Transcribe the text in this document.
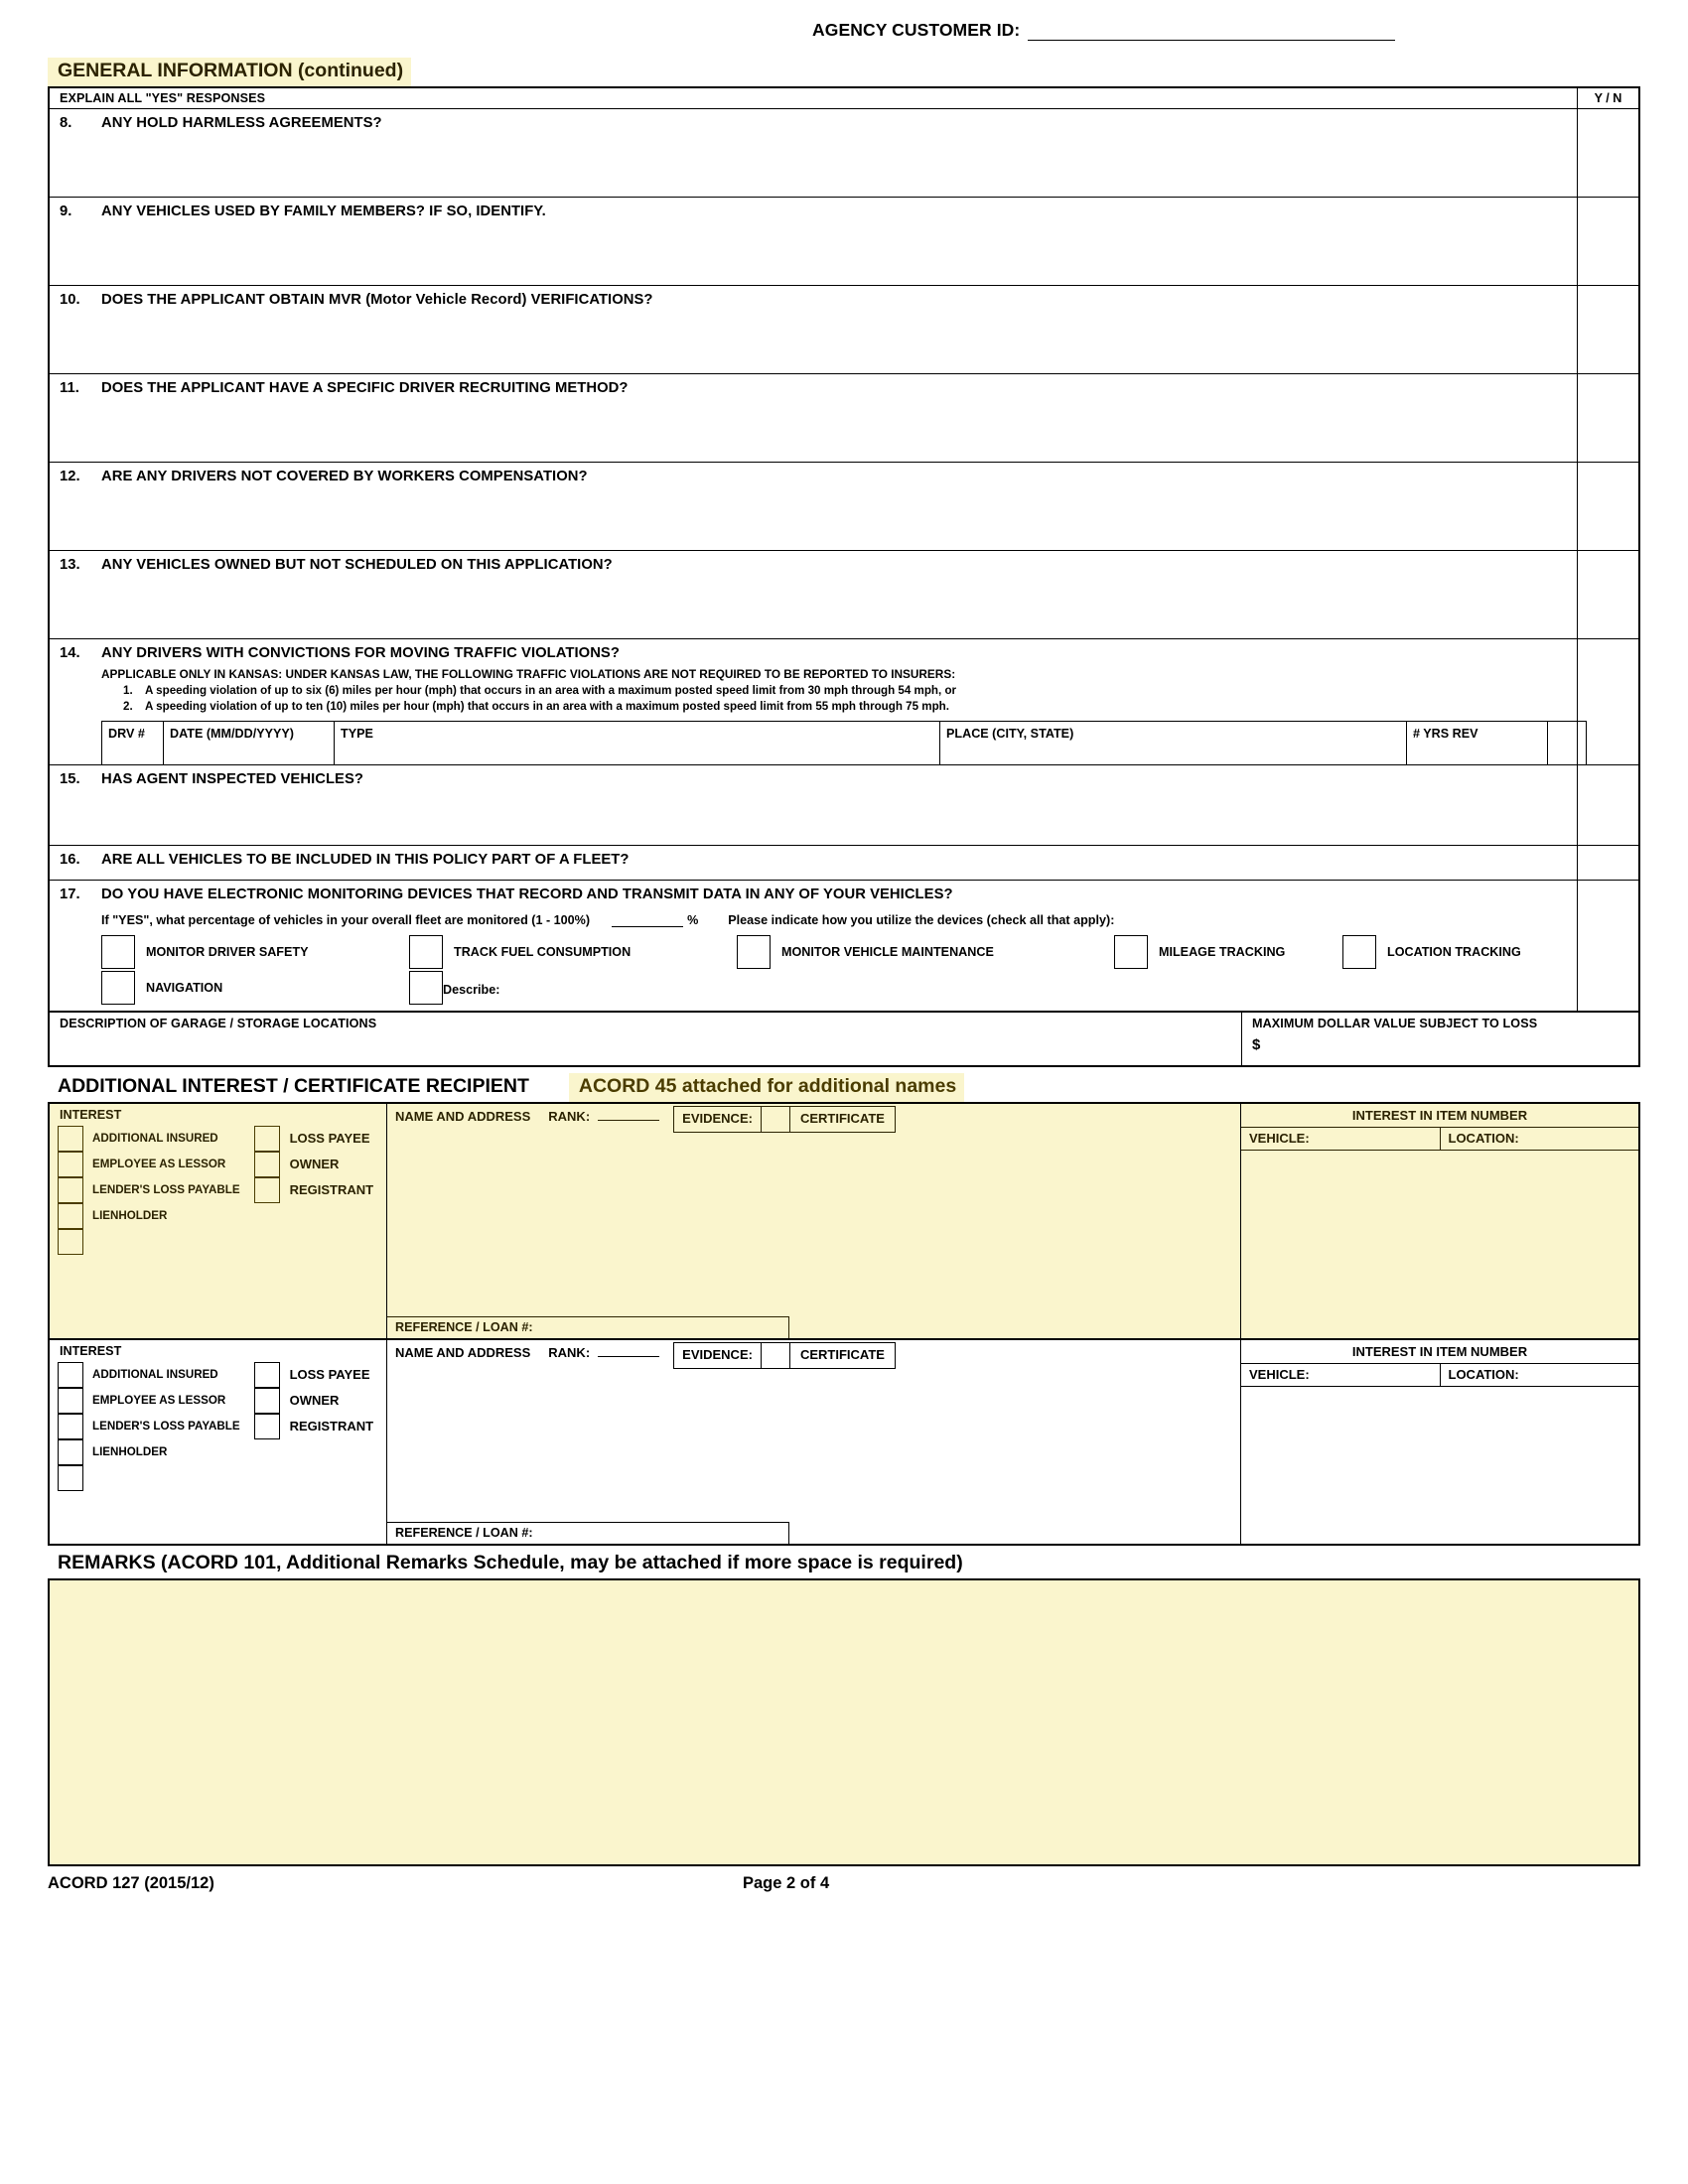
AGENCY CUSTOMER ID:
GENERAL INFORMATION (continued)
EXPLAIN ALL "YES" RESPONSES	Y / N
8.	ANY HOLD HARMLESS AGREEMENTS?
9.	ANY VEHICLES USED BY FAMILY MEMBERS? IF SO, IDENTIFY.
10.	DOES THE APPLICANT OBTAIN MVR (Motor Vehicle Record) VERIFICATIONS?
11.	DOES THE APPLICANT HAVE A SPECIFIC DRIVER RECRUITING METHOD?
12.	ARE ANY DRIVERS NOT COVERED BY WORKERS COMPENSATION?
13.	ANY VEHICLES OWNED BUT NOT SCHEDULED ON THIS APPLICATION?
14.	ANY DRIVERS WITH CONVICTIONS FOR MOVING TRAFFIC VIOLATIONS?
APPLICABLE ONLY IN KANSAS: UNDER KANSAS LAW, THE FOLLOWING TRAFFIC VIOLATIONS ARE NOT REQUIRED TO BE REPORTED TO INSURERS:
1.	A speeding violation of up to six (6) miles per hour (mph) that occurs in an area with a maximum posted speed limit from 30 mph through 54 mph, or
2.	A speeding violation of up to ten (10) miles per hour (mph) that occurs in an area with a maximum posted speed limit from 55 mph through 75 mph.
DRV #	DATE (MM/DD/YYYY)	TYPE	PLACE (CITY, STATE)	# YRS REV
15.	HAS AGENT INSPECTED VEHICLES?
16.	ARE ALL VEHICLES TO BE INCLUDED IN THIS POLICY PART OF A FLEET?
17.	DO YOU HAVE ELECTRONIC MONITORING DEVICES THAT RECORD AND TRANSMIT DATA IN ANY OF YOUR VEHICLES?
If "YES", what percentage of vehicles in your overall fleet are monitored (1 - 100%)	% Please indicate how you utilize the devices (check all that apply):
MONITOR DRIVER SAFETY	TRACK FUEL CONSUMPTION	MONITOR VEHICLE MAINTENANCE	MILEAGE TRACKING	LOCATION TRACKING
NAVIGATION	Describe:
DESCRIPTION OF GARAGE / STORAGE LOCATIONS	MAXIMUM DOLLAR VALUE SUBJECT TO LOSS
$
ADDITIONAL INTEREST / CERTIFICATE RECIPIENT	ACORD 45 attached for additional names
INTEREST
ADDITIONAL INSURED
EMPLOYEE AS LESSOR
LENDER'S LOSS PAYABLE
LIENHOLDER
LOSS PAYEE
OWNER
REGISTRANT
NAME AND ADDRESS	RANK:	EVIDENCE:	CERTIFICATE
REFERENCE / LOAN #:
INTEREST IN ITEM NUMBER
VEHICLE:	LOCATION:
INTEREST
ADDITIONAL INSURED
EMPLOYEE AS LESSOR
LENDER'S LOSS PAYABLE
LIENHOLDER
LOSS PAYEE
OWNER
REGISTRANT
NAME AND ADDRESS	RANK:	EVIDENCE:	CERTIFICATE
REFERENCE / LOAN #:
INTEREST IN ITEM NUMBER
VEHICLE:	LOCATION:
REMARKS (ACORD 101, Additional Remarks Schedule, may be attached if more space is required)
ACORD 127 (2015/12)	Page 2 of 4
